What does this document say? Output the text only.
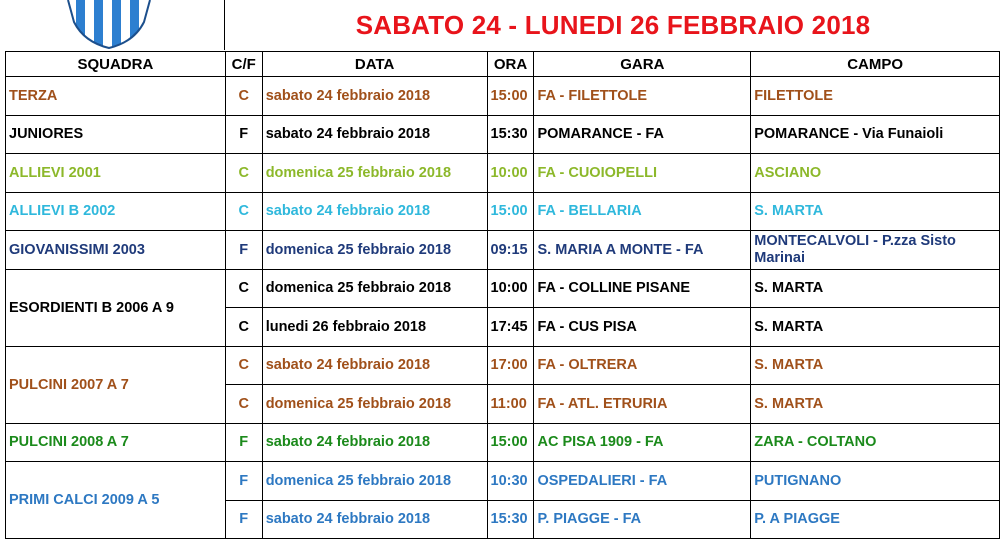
SABATO 24 - LUNEDI 26 FEBBRAIO 2018
SQUADRA	C/F	DATA	ORA	GARA	CAMPO
TERZA	C	sabato 24 febbraio 2018	15:00	FA - FILETTOLE	FILETTOLE
JUNIORES	F	sabato 24 febbraio 2018	15:30	POMARANCE - FA	POMARANCE - Via Funaioli
ALLIEVI 2001	C	domenica 25 febbraio 2018	10:00	FA - CUOIOPELLI	ASCIANO
ALLIEVI B 2002	C	sabato 24 febbraio 2018	15:00	FA - BELLARIA	S. MARTA
GIOVANISSIMI 2003	F	domenica 25 febbraio 2018	09:15	S. MARIA A MONTE - FA	MONTECALVOLI - P.zza Sisto Marinai
ESORDIENTI B 2006 A 9	C	domenica 25 febbraio 2018	10:00	FA - COLLINE PISANE	S. MARTA
	C	lunedi 26 febbraio 2018	17:45	FA - CUS PISA	S. MARTA
PULCINI 2007 A 7	C	sabato 24 febbraio 2018	17:00	FA - OLTRERA	S. MARTA
	C	domenica 25 febbraio 2018	11:00	FA - ATL. ETRURIA	S. MARTA
PULCINI 2008 A 7	F	sabato 24 febbraio 2018	15:00	AC PISA 1909 - FA	ZARA - COLTANO
PRIMI CALCI 2009 A 5	F	domenica 25 febbraio 2018	10:30	OSPEDALIERI - FA	PUTIGNANO
	F	sabato 24 febbraio 2018	15:30	P. PIAGGE - FA	P. A PIAGGE
